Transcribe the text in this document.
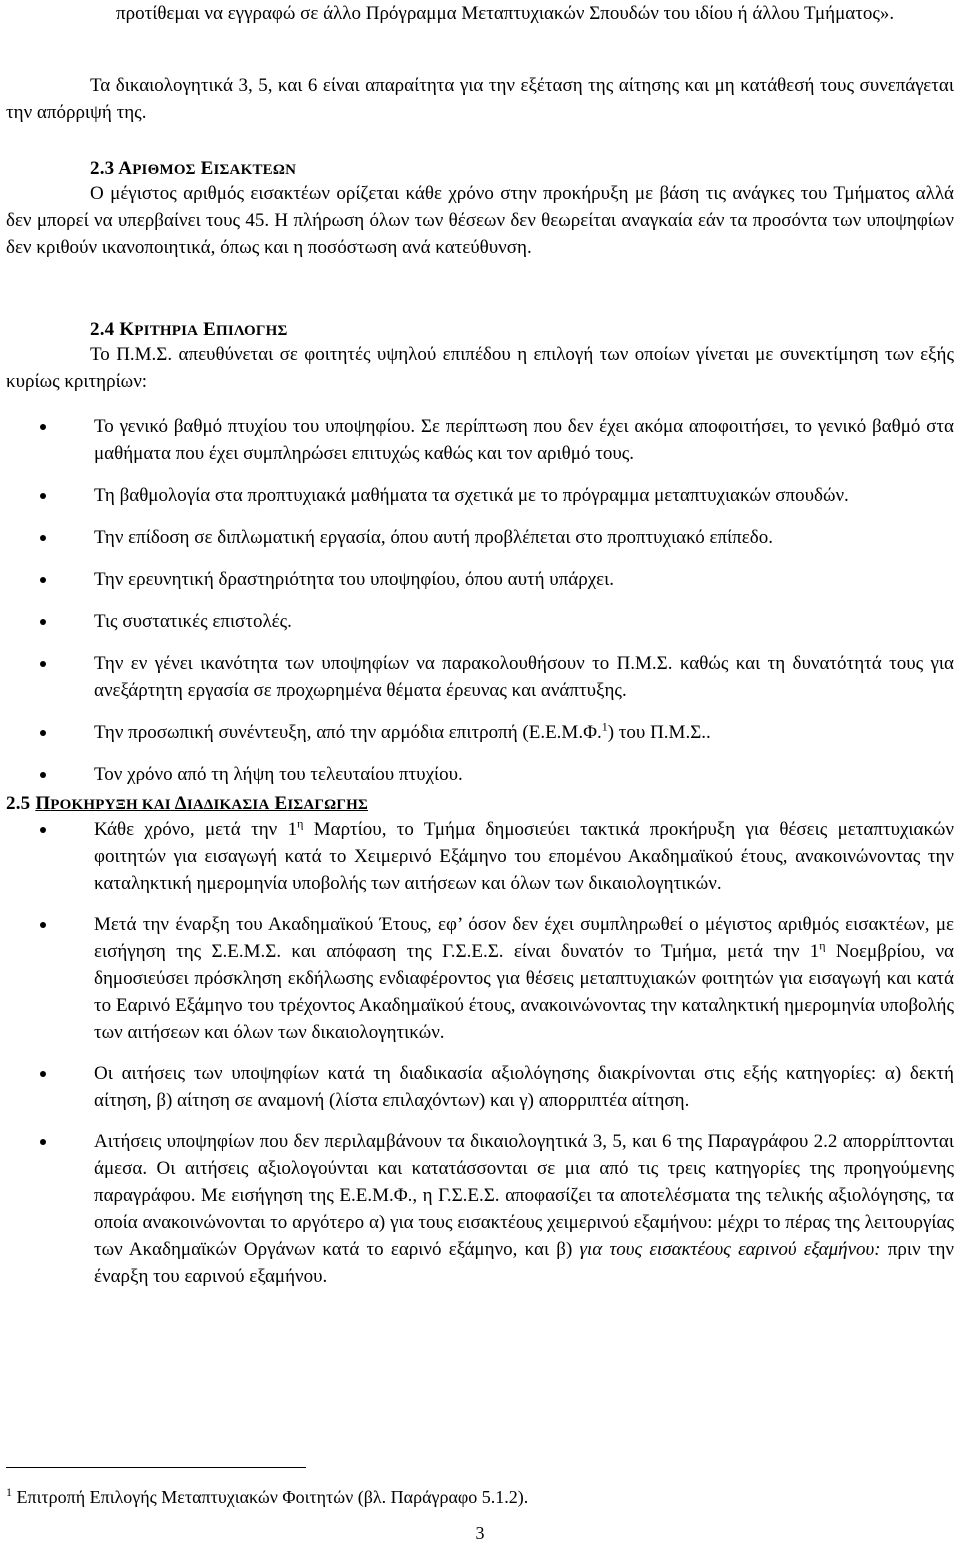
προτίθεμαι να εγγραφώ σε άλλο Πρόγραμμα Μεταπτυχιακών Σπουδών του ιδίου ή άλλου Τμήματος».

Τα δικαιολογητικά 3, 5, και 6 είναι απαραίτητα για την εξέταση της αίτησης και μη κατάθεσή τους συνεπάγεται την απόρριψή της.

2.3 ΑΡΙΘΜΟΣ ΕΙΣΑΚΤΕΩΝ

Ο μέγιστος αριθμός εισακτέων ορίζεται κάθε χρόνο στην προκήρυξη με βάση τις ανάγκες του Τμήματος αλλά δεν μπορεί να υπερβαίνει τους 45. Η πλήρωση όλων των θέσεων δεν θεωρείται αναγκαία εάν τα προσόντα των υποψηφίων δεν κριθούν ικανοποιητικά, όπως και η ποσόστωση ανά κατεύθυνση.

2.4 ΚΡΙΤΗΡΙΑ ΕΠΙΛΟΓΗΣ

Το Π.Μ.Σ. απευθύνεται σε φοιτητές υψηλού επιπέδου η επιλογή των οποίων γίνεται με συνεκτίμηση των εξής κυρίως κριτηρίων:

Το γενικό βαθμό πτυχίου του υποψηφίου. Σε περίπτωση που δεν έχει ακόμα αποφοιτήσει, το γενικό βαθμό στα μαθήματα που έχει συμπληρώσει επιτυχώς καθώς και τον αριθμό τους.
Τη βαθμολογία στα προπτυχιακά μαθήματα τα σχετικά με το πρόγραμμα μεταπτυχιακών σπουδών.
Την επίδοση σε διπλωματική εργασία, όπου αυτή προβλέπεται στο προπτυχιακό επίπεδο.
Την ερευνητική δραστηριότητα του υποψηφίου, όπου αυτή υπάρχει.
Τις συστατικές επιστολές.
Την εν γένει ικανότητα των υποψηφίων να παρακολουθήσουν το Π.Μ.Σ. καθώς και τη δυνατότητά τους για ανεξάρτητη εργασία σε προχωρημένα θέματα έρευνας και ανάπτυξης.
Την προσωπική συνέντευξη, από την αρμόδια επιτροπή (Ε.Ε.Μ.Φ.$^1$) του Π.Μ.Σ..
Τον χρόνο από τη λήψη του τελευταίου πτυχίου.
2.5 ΠΡΟΚΗΡΥΞΗ ΚΑΙ ΔΙΑΔΙΚΑΣΙΑ ΕΙΣΑΓΩΓΗΣ
Κάθε χρόνο, μετά την $1^\eta$ Μαρτίου, το Τμήμα δημοσιεύει τακτικά προκήρυξη για θέσεις μεταπτυχιακών φοιτητών για εισαγωγή κατά το Χειμερινό Εξάμηνο του επομένου Ακαδημαϊκού έτους, ανακοινώνοντας την καταληκτική ημερομηνία υποβολής των αιτήσεων και όλων των δικαιολογητικών.
Μετά την έναρξη του Ακαδημαϊκού Έτους, εφ’ όσον δεν έχει συμπληρωθεί ο μέγιστος αριθμός εισακτέων, με εισήγηση της Σ.Ε.Μ.Σ. και απόφαση της Γ.Σ.Ε.Σ. είναι δυνατόν το Τμήμα, μετά την $1^\eta$ Νοεμβρίου, να δημοσιεύσει πρόσκληση εκδήλωσης ενδιαφέροντος για θέσεις μεταπτυχιακών φοιτητών για εισαγωγή και κατά το Εαρινό Εξάμηνο του τρέχοντος Ακαδημαϊκού έτους, ανακοινώνοντας την καταληκτική ημερομηνία υποβολής των αιτήσεων και όλων των δικαιολογητικών.
Οι αιτήσεις των υποψηφίων κατά τη διαδικασία αξιολόγησης διακρίνονται στις εξής κατηγορίες: α) δεκτή αίτηση, β) αίτηση σε αναμονή (λίστα επιλαχόντων) και γ) απορριπτέα αίτηση.
Αιτήσεις υποψηφίων που δεν περιλαμβάνουν τα δικαιολογητικά 3, 5, και 6 της Παραγράφου 2.2 απορρίπτονται άμεσα. Οι αιτήσεις αξιολογούνται και κατατάσσονται σε μια από τις τρεις κατηγορίες της προηγούμενης παραγράφου. Με εισήγηση της Ε.Ε.Μ.Φ., η Γ.Σ.Ε.Σ. αποφασίζει τα αποτελέσματα της τελικής αξιολόγησης, τα οποία ανακοινώνονται το αργότερο α) για τους εισακτέους χειμερινού εξαμήνου: μέχρι το πέρας της λειτουργίας των Ακαδημαϊκών Οργάνων κατά το εαρινό εξάμηνο, και β) για τους εισακτέους εαρινού εξαμήνου: πριν την έναρξη του εαρινού εξαμήνου.
$^1$ Επιτροπή Επιλογής Μεταπτυχιακών Φοιτητών (βλ. Παράγραφο 5.1.2).
3
